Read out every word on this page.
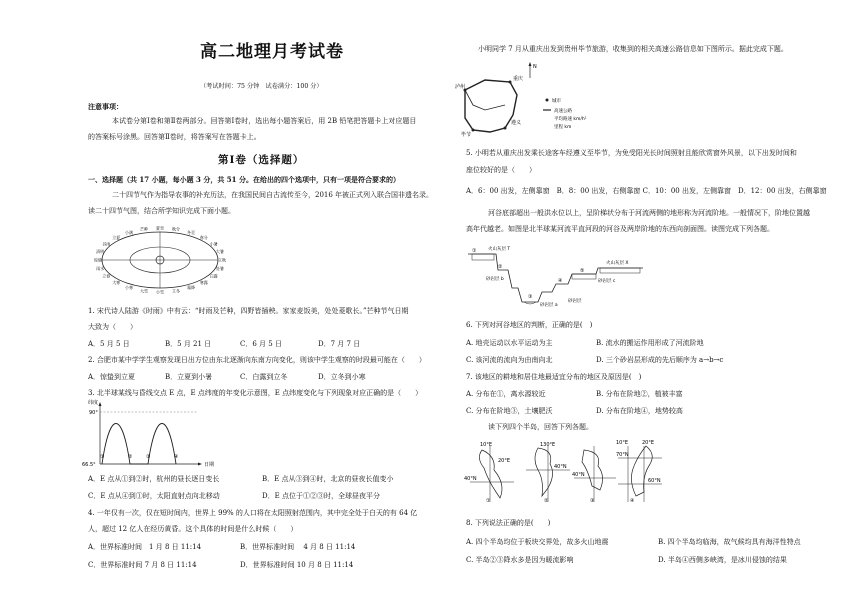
高二地理月考试卷
（考试时间：75 分钟　试卷满分：100 分）
注意事项：
本试卷分第Ⅰ卷和第Ⅱ卷两部分。回答第Ⅰ卷时，选出每小题答案后，用 2B 铅笔把答题卡上对应题目
的答案标号涂黑。回答第Ⅱ卷时，将答案写在答题卡上。
第Ⅰ卷（选择题）
一、选择题（共 17 小题，每小题 3 分，共 51 分。在给出的四个选项中，只有一项是符合要求的）
二十四节气作为指导农事的补充历法，在我国民间自古流传至今，2016 年被正式列入联合国非遗名录。
读二十四节气图，结合所学知识完成下面小题。
夏至 秋分
冬至
春分
小暑
大暑
立秋
处暑
白露
寒露
霜降
立冬
小雪
大雪
小寒
大寒
立春
雨水
惊蛰
清明
谷雨
立夏
小满
芒种
1. 宋代诗人陆游《时雨》中有云：“时雨及芒种，四野皆插秧。家家麦饭美，处处菱歌长。”芒种节气日期
大致为（　　）
A．5 月 5 日	B．5 月 21 日	C．6 月 5 日	D．7 月 7 日
2. 合肥市某中学学生观察发现日出方位由东北逐渐向东南方向变化，则该中学生观察的时段最可能在（　　）
A．惊蛰到立夏	B．立夏到小暑	C．白露到立冬	D．立冬到小寒
3. 北半球某线与昏线交点 E 点，E 点纬度的年变化示意图，E 点纬度变化与下列现象对应正确的是（　　）
纬度
90°
66.5°	日期
①	②	③	④
A．E 点从①到②时，杭州的昼长逐日变长	B．E 点从③到④时，北京的昼夜长值变小
C．E 点从④到①时，太阳直射点向北移动	D．E 点位于①②③时，全球昼夜平分
4. 一年仅有一次，仅在短时间内，世界上 99% 的人口将在太阳照射范围内，其中完全处于白天的有 64 亿
人，超过 12 亿人在经历黄昏。这个具体的时间是什么时候（　　）
A．世界标准时间　1 月 8 日 11:14	B．世界标准时间　 4 月 8 日 11:14
C．世界标准时间 7 月 8 日 11:14	D．世界标准时间 10 月 8 日 11:14
小明同学 7 月从重庆出发到贵州毕节旅游，收集到的相关高速公路信息如下图所示。据此完成下题。
N
泸州
重庆
遵义
毕节
城市
高速公路
平均路速 km/h¹
里程 km
5. 小明若从重庆出发乘长途客车经遵义至毕节，为免受阳光长时间照射且能欣赏窗外风景，以下出发时间和
座位较好的是（　　）
A．6：00 出发，左侧靠窗　B．8：00 出发，右侧靠窗 C．10：00 出发，左侧靠窗　D．12：00 出发，右侧靠窗
河谷底部超出一般洪水位以上，呈阶梯状分布于河流两侧的地形称为河流阶地。一般情况下，阶地位置越
高年代越老。如图是北半球某河流平直河段的河谷及两岸阶地的东西向剖面图。读图完成下列各题。
火山灰层 T
火山灰层 X
砂岩层 b
砂岩层 a
砂岩层 c
砂岩层
①
②
③
④
⑤
6. 下列对河谷地区的判断，正确的是(　)
A. 地壳运动以水平运动为主	B. 流水的搬运作用形成了河流阶地
C. 该河流的流向为由南向北	D. 三个砂岩层形成的先后顺序为 a→b→c
7. 该地区的耕地和居住地最适宜分布的地区及原因是(　)
A. 分布在①，离水源较近	B. 分布在阶地②，植被丰富
C. 分布在阶地③，土壤肥沃	D. 分布在阶地④，地势较高
读下列四个半岛，回答下列各题。
10°E
20°E
40°N
①
130°E
40°N
②
40°N
③
10°E	20°E
70°N
60°N
④
8. 下列说法正确的是(　　)
A. 四个半岛均位于板块交界处，故多火山地震	B. 四个半岛均临海，故气候均具有海洋性特点
C. 半岛②③降水多是因为暖流影响	D. 半岛④西侧多峡湾，是冰川侵蚀的结果
